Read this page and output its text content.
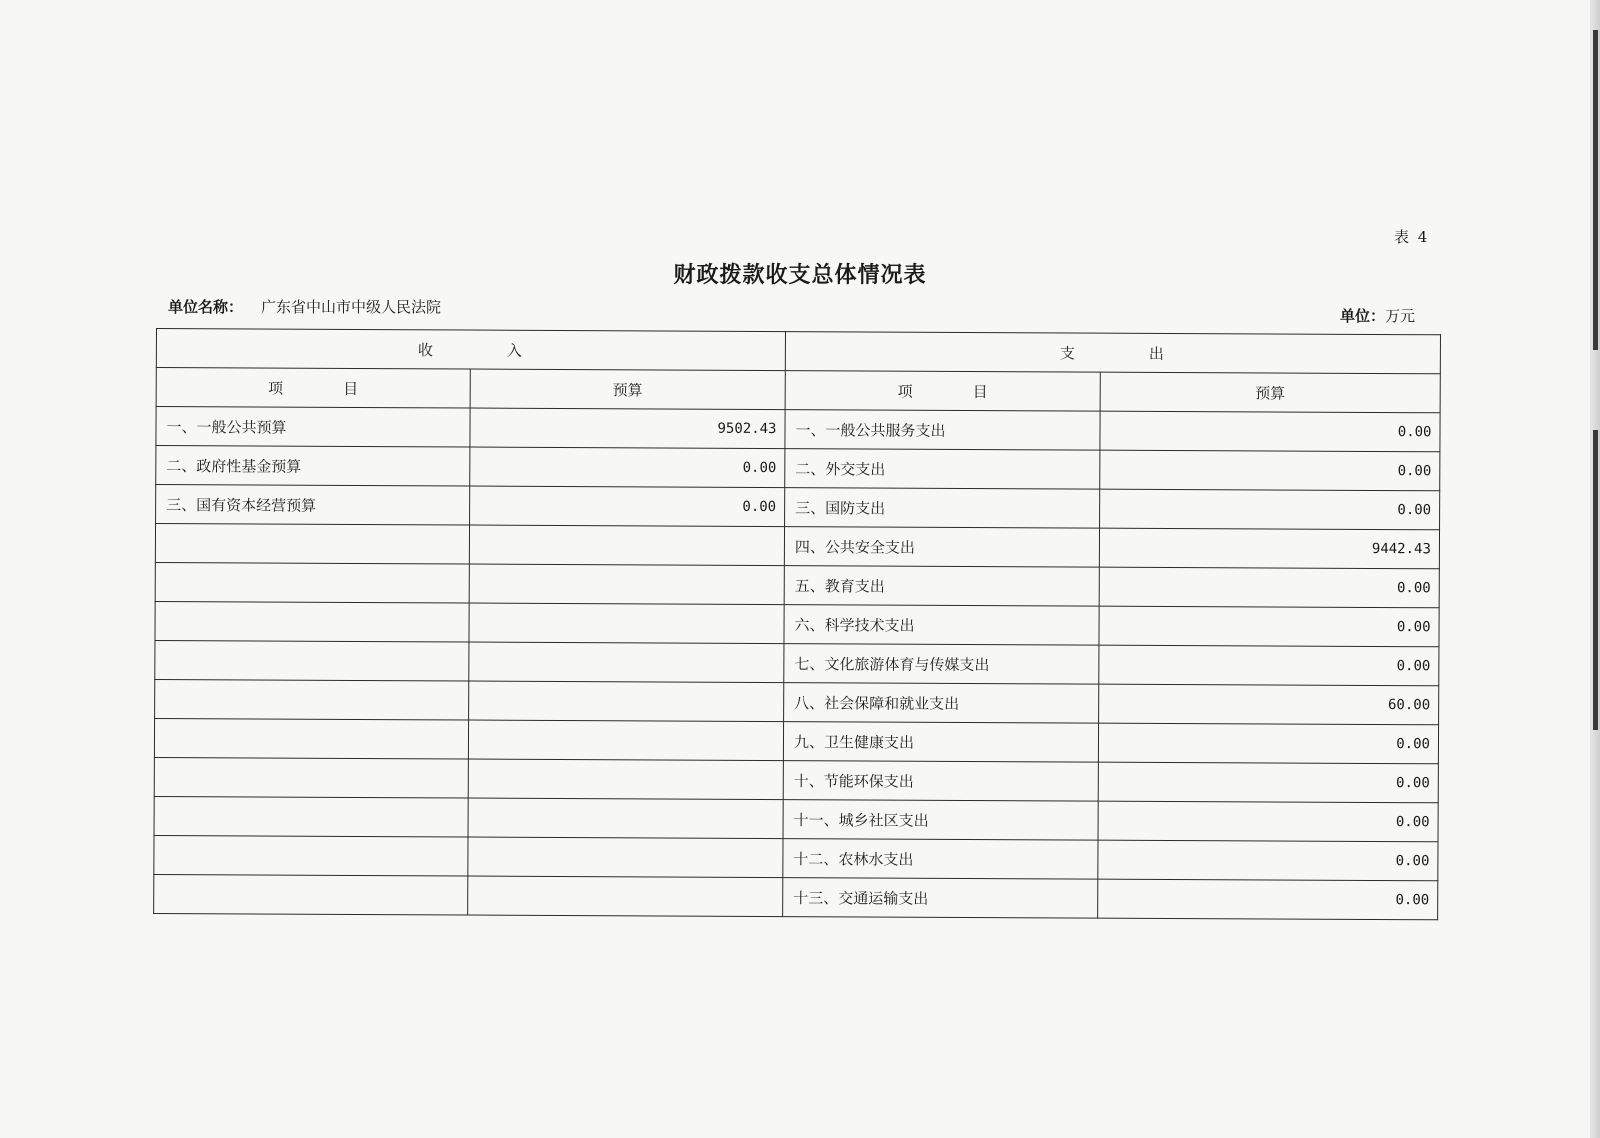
表 4
财政拨款收支总体情况表
单位名称： 广东省中山市中级人民法院	单位：万元
收 入		支 出	
项 目	预算	项 目	预算
一、一般公共预算	9502.43	一、一般公共服务支出	0.00
二、政府性基金预算	0.00	二、外交支出	0.00
三、国有资本经营预算	0.00	三、国防支出	0.00
		四、公共安全支出	9442.43
		五、教育支出	0.00
		六、科学技术支出	0.00
		七、文化旅游体育与传媒支出	0.00
		八、社会保障和就业支出	60.00
		九、卫生健康支出	0.00
		十、节能环保支出	0.00
		十一、城乡社区支出	0.00
		十二、农林水支出	0.00
		十三、交通运输支出	0.00
